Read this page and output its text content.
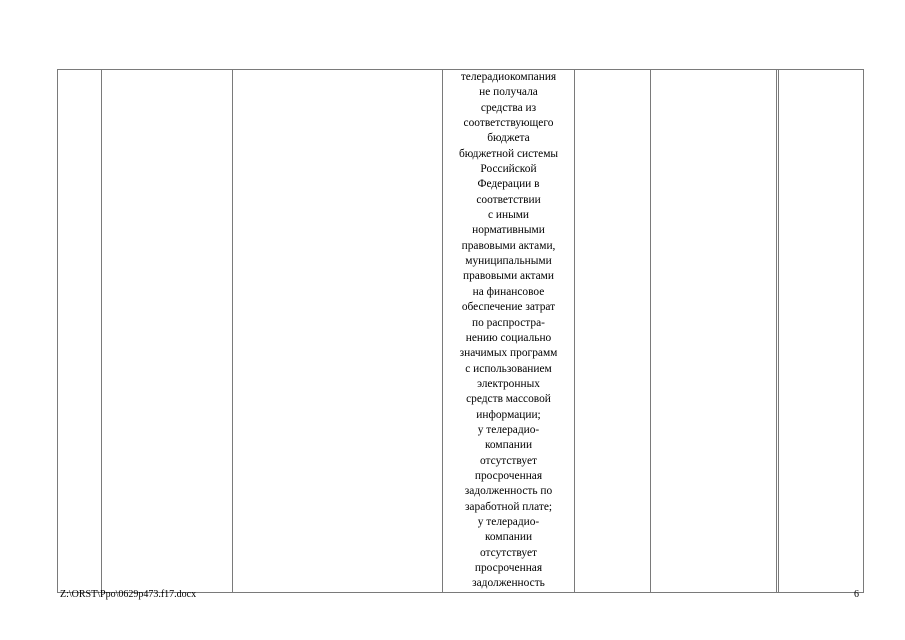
телерадиокомпания
не получала
средства из
соответствующего
бюджета
бюджетной системы
Российской
Федерации в
соответствии
с иными
нормативными
правовыми актами,
муниципальными
правовыми актами
на финансовое
обеспечение затрат
по распростра-
нению социально
значимых программ
с использованием
электронных
средств массовой
информации;
у телерадио-
компании
отсутствует
просроченная
задолженность по
заработной плате;
у телерадио-
компании
отсутствует
просроченная
задолженность

Z:\ORST\Ppo\0629p473.f17.docx	6
